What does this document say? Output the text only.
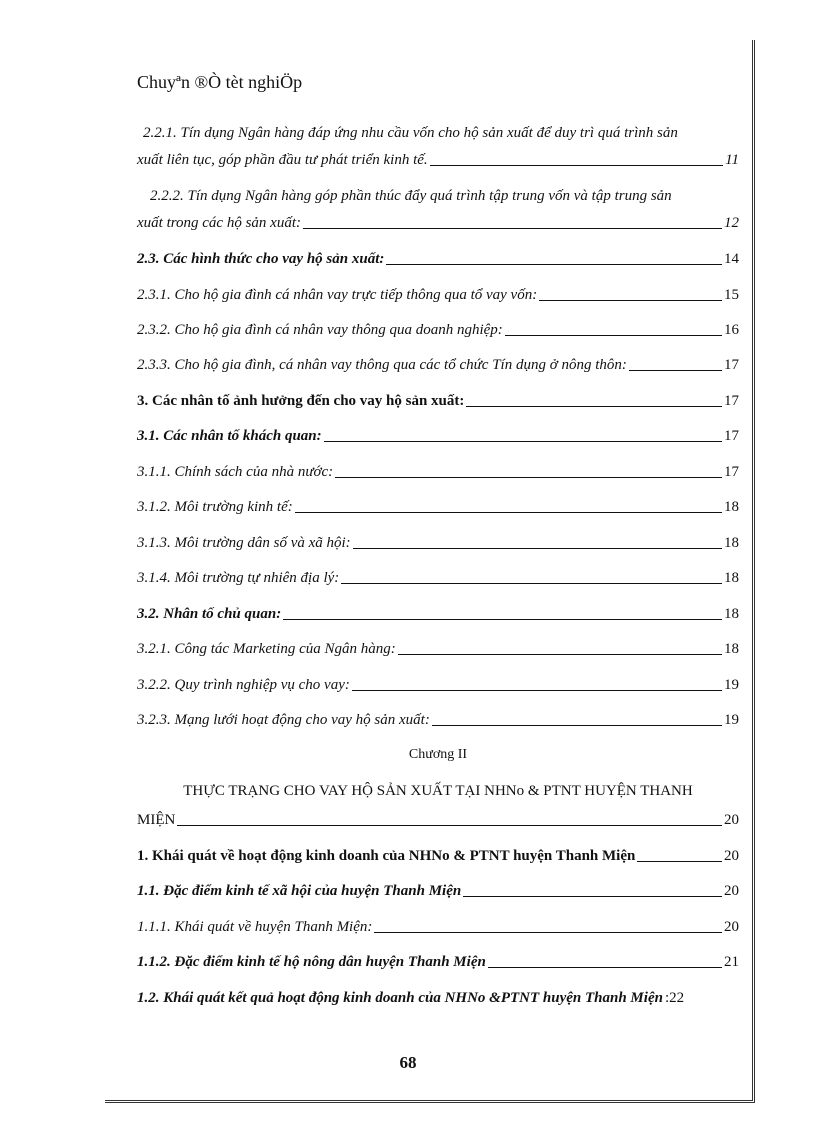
Chuyªn ®Ò tèt nghiÖp
2.2.1. Tín dụng Ngân hàng đáp ứng nhu cầu vốn cho hộ sản xuất để duy trì quá trình sản
xuất liên tục, góp phần đầu tư phát triển kinh tế.	11
2.2.2. Tín dụng Ngân hàng góp phần thúc đẩy quá trình tập trung vốn và tập trung sản
xuất trong các hộ sản xuất:	12
2.3. Các hình thức cho vay hộ sản xuất:	14
2.3.1. Cho hộ gia đình cá nhân vay trực tiếp thông qua tổ vay vốn:	15
2.3.2. Cho hộ gia đình cá nhân vay thông qua doanh nghiệp:	16
2.3.3. Cho hộ gia đình, cá nhân vay thông qua các tổ chức Tín dụng ở nông thôn:	17
3. Các nhân tố ảnh hưởng đến cho vay hộ sản xuất:	17
3.1. Các nhân tố khách quan:	17
3.1.1. Chính sách của nhà nước:	17
3.1.2. Môi trường kinh tế:	18
3.1.3. Môi trường dân số và xã hội:	18
3.1.4. Môi trường tự nhiên địa lý:	18
3.2. Nhân tố chủ quan:	18
3.2.1. Công tác Marketing của Ngân hàng:	18
3.2.2. Quy trình nghiệp vụ cho vay:	19
3.2.3. Mạng lưới hoạt động cho vay hộ sản xuất:	19
Chương II
THỰC TRẠNG CHO VAY HỘ SẢN XUẤT TẠI NHNo & PTNT HUYỆN THANH
MIỆN	20
1. Khái quát về hoạt động kinh doanh của NHNo & PTNT huyện Thanh Miện	20
1.1. Đặc điểm kinh tế xã hội của huyện Thanh Miện	20
1.1.1. Khái quát về huyện Thanh Miện:	20
1.1.2. Đặc điểm kinh tế hộ nông dân huyện Thanh Miện	21
1.2. Khái quát kết quả hoạt động kinh doanh của NHNo &PTNT huyện Thanh Miện : 22
68
